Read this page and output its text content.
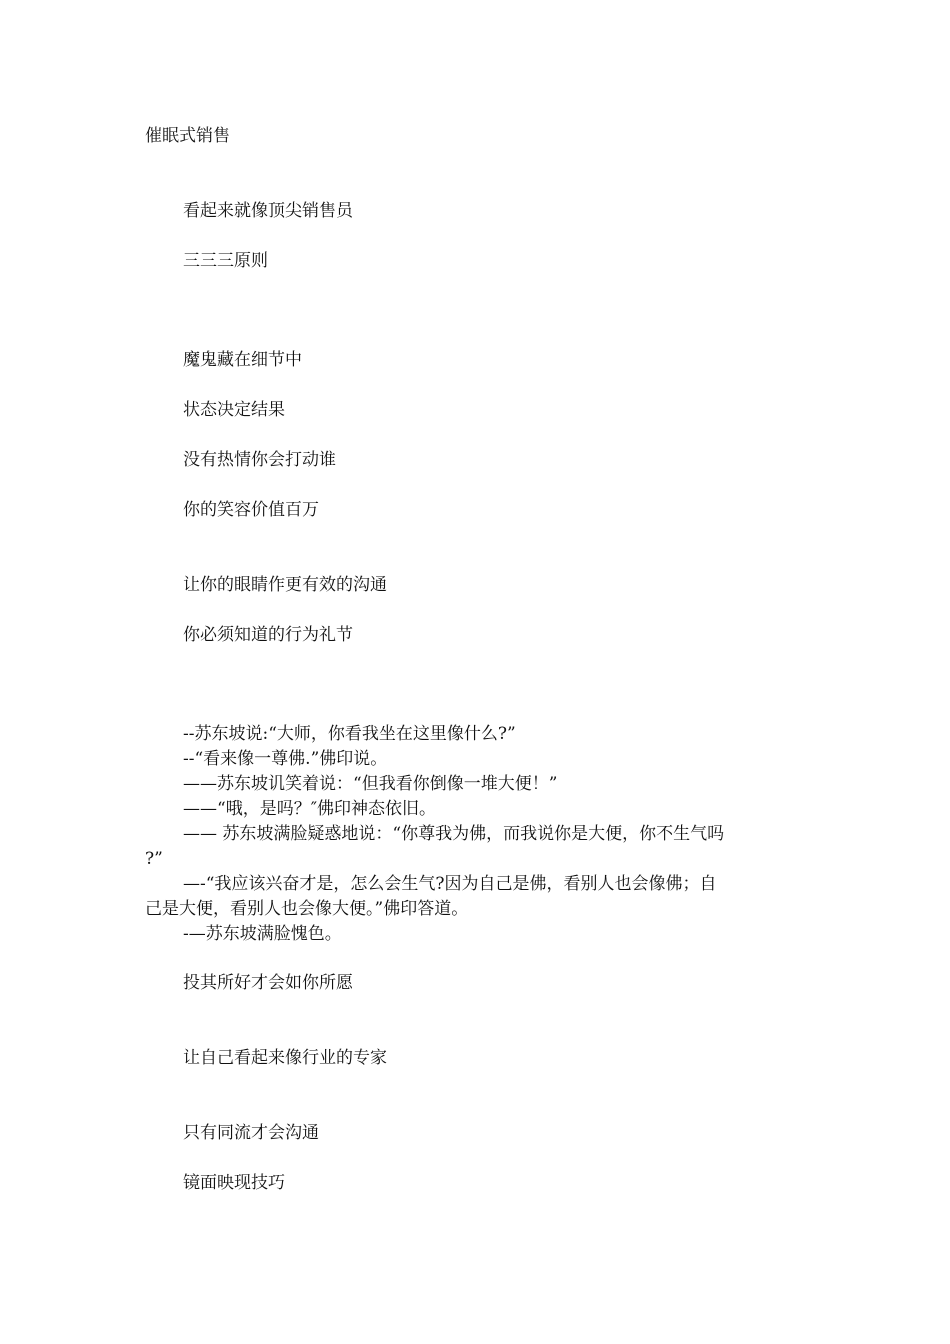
催眠式销售
看起来就像顶尖销售员
三三三原则
魔鬼藏在细节中
状态决定结果
没有热情你会打动谁
你的笑容价值百万
让你的眼睛作更有效的沟通
你必须知道的行为礼节
--苏东坡说:“大师，你看我坐在这里像什么?”
--“看来像一尊佛.”佛印说。
——苏东坡讥笑着说：“但我看你倒像一堆大便！”
——“哦，是吗？″佛印神态依旧。
—— 苏东坡满脸疑惑地说：“你尊我为佛，而我说你是大便，你不生气吗
?”
—-“我应该兴奋才是，怎么会生气?因为自己是佛，看别人也会像佛；自
己是大便，看别人也会像大便。”佛印答道。
-—苏东坡满脸愧色。
投其所好才会如你所愿
让自己看起来像行业的专家
只有同流才会沟通
镜面映现技巧
